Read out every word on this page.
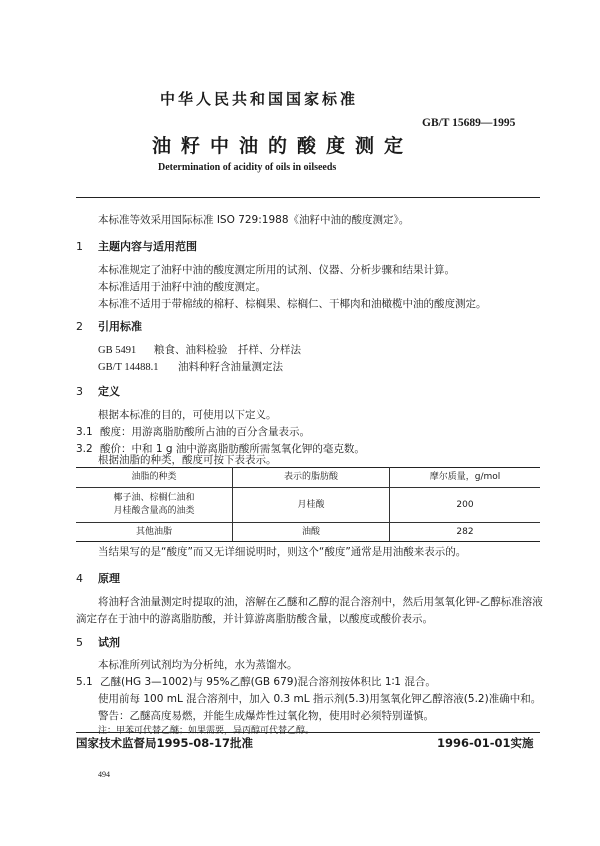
中华人民共和国国家标准
GB/T 15689—1995
油籽中油的酸度测定
Determination of acidity of oils in oilseeds
本标准等效采用国际标准 ISO 729:1988《油籽中油的酸度测定》。
1 主题内容与适用范围
本标准规定了油籽中油的酸度测定所用的试剂、仪器、分析步骤和结果计算。
本标准适用于油籽中油的酸度测定。
本标准不适用于带棉绒的棉籽、棕榈果、棕榈仁、干椰肉和油橄榄中油的酸度测定。
2 引用标准
GB 5491 粮食、油料检验　扦样、分样法
GB/T 14488.1 油料种籽含油量测定法
3 定义
根据本标准的目的，可使用以下定义。
3.1 酸度：用游离脂肪酸所占油的百分含量表示。
3.2 酸价：中和 1 g 油中游离脂肪酸所需氢氧化钾的毫克数。
根据油脂的种类，酸度可按下表表示。
油脂的种类	表示的脂肪酸	摩尔质量，g/mol

椰子油、棕榈仁油和
月桂酸含量高的油类	月桂酸	200
其他油脂	油酸	282
当结果写的是“酸度”而又无详细说明时，则这个“酸度”通常是用油酸来表示的。
4 原理
将油籽含油量测定时提取的油，溶解在乙醚和乙醇的混合溶剂中，然后用氢氧化钾-乙醇标准溶液
滴定存在于油中的游离脂肪酸，并计算游离脂肪酸含量，以酸度或酸价表示。
5 试剂
本标准所列试剂均为分析纯，水为蒸馏水。
5.1 乙醚(HG 3—1002)与 95%乙醇(GB 679)混合溶剂按体积比 1∶1 混合。
使用前每 100 mL 混合溶剂中，加入 0.3 mL 指示剂(5.3)用氢氧化钾乙醇溶液(5.2)准确中和。
警告：乙醚高度易燃，并能生成爆炸性过氧化物，使用时必须特别谨慎。
注：甲苯可代替乙醚；如果需要，异丙醇可代替乙醇。
国家技术监督局1995-08-17批准	1996-01-01实施
494
